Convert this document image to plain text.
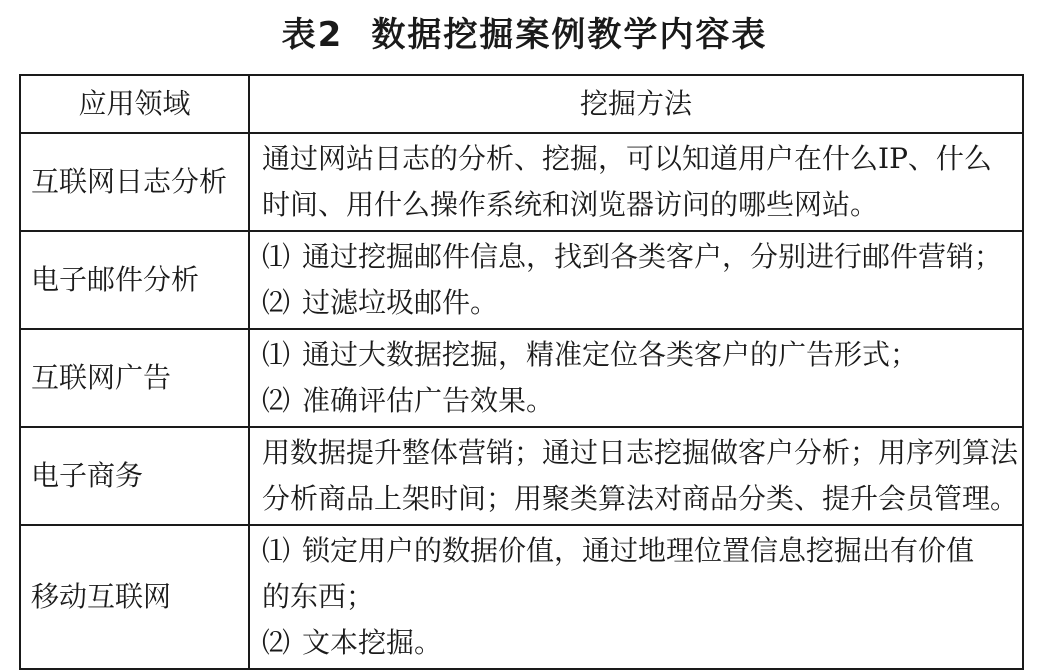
表2 数据挖掘案例教学内容表
应用领域	挖掘方法
互联网日志分析	通过网站日志的分析、挖掘，可以知道用户在什么IP、什么
时间、用什么操作系统和浏览器访问的哪些网站。

电子邮件分析	⑴ 通过挖掘邮件信息，找到各类客户，分别进行邮件营销；
⑵ 过滤垃圾邮件。

互联网广告	⑴ 通过大数据挖掘，精准定位各类客户的广告形式；
⑵ 准确评估广告效果。

电子商务	用数据提升整体营销；通过日志挖掘做客户分析；用序列算法
分析商品上架时间；用聚类算法对商品分类、提升会员管理。

移动互联网	⑴ 锁定用户的数据价值，通过地理位置信息挖掘出有价值
的东西；
⑵ 文本挖掘。
